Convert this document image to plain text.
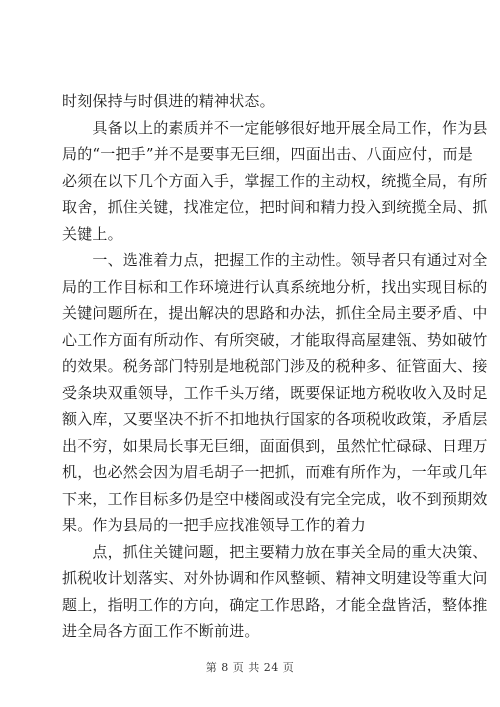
时刻保持与时俱进的精神状态。
　　具备以上的素质并不一定能够很好地开展全局工作，作为县
局的“一把手”并不是要事无巨细，四面出击、八面应付，而是
必须在以下几个方面入手，掌握工作的主动权，统揽全局，有所
取舍，抓住关键，找准定位，把时间和精力投入到统揽全局、抓
关键上。
　　一、选准着力点，把握工作的主动性。领导者只有通过对全
局的工作目标和工作环境进行认真系统地分析，找出实现目标的
关键问题所在，提出解决的思路和办法，抓住全局主要矛盾、中
心工作方面有所动作、有所突破，才能取得高屋建瓴、势如破竹
的效果。税务部门特别是地税部门涉及的税种多、征管面大、接
受条块双重领导，工作千头万绪，既要保证地方税收收入及时足
额入库，又要坚决不折不扣地执行国家的各项税收政策，矛盾层
出不穷，如果局长事无巨细，面面俱到，虽然忙忙碌碌、日理万
机，也必然会因为眉毛胡子一把抓，而难有所作为，一年或几年
下来，工作目标多仍是空中楼阁或没有完全完成，收不到预期效
果。作为县局的一把手应找准领导工作的着力
　　点，抓住关键问题，把主要精力放在事关全局的重大决策、
抓税收计划落实、对外协调和作风整顿、精神文明建设等重大问
题上，指明工作的方向，确定工作思路，才能全盘皆活，整体推
进全局各方面工作不断前进。
第 8 页 共 24 页
